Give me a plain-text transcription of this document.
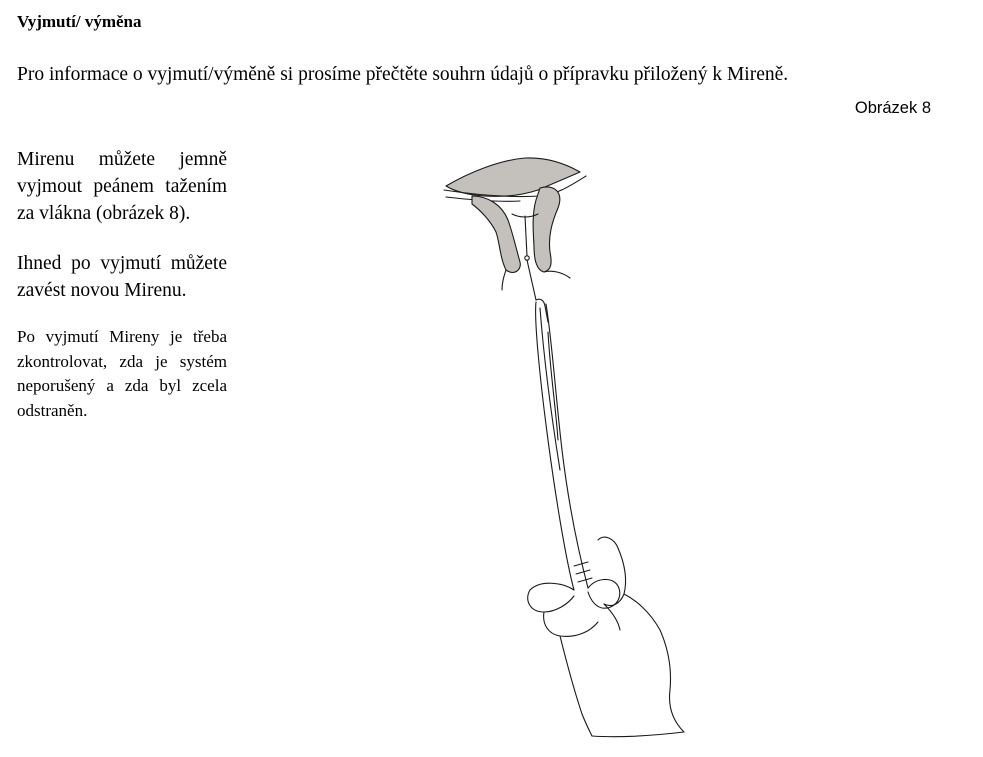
Vyjmutí/ výměna

Pro informace o vyjmutí/výměně si prosíme přečtěte souhrn údajů o přípravku přiložený k Mireně.

Obrázek 8

Mirenu můžete jemně vyjmout peánem tažením za vlákna (obrázek 8).

Ihned po vyjmutí můžete zavést novou Mirenu.

Po vyjmutí Mireny je třeba zkontrolovat, zda je systém neporušený a zda byl zcela odstraněn.
